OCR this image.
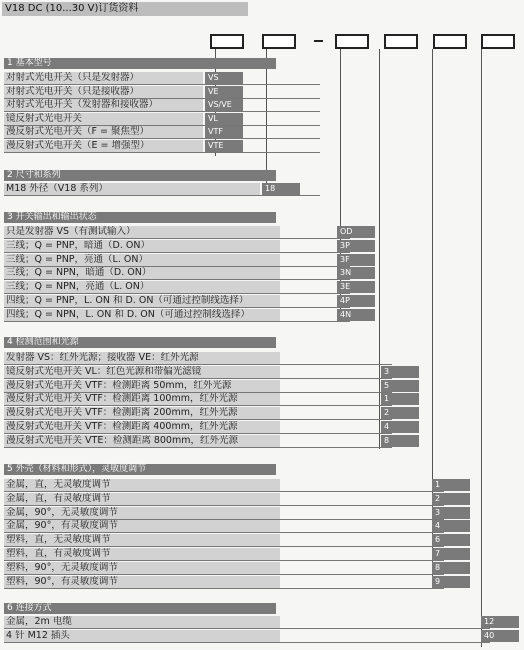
V18 DC (10...30 V)订货资料
1 基本型号
对射式光电开关（只是发射器）	VS
对射式光电开关（只是接收器）	VE
对射式光电开关（发射器和接收器）	VS/VE
镜反射式光电开关	VL
漫反射式光电开关（F = 聚焦型）	VTF
漫反射式光电开关（E = 增强型）	VTE
2 尺寸和系列
M18 外径（V18 系列）	18
3 开关输出和输出状态
只是发射器 VS（有测试输入）	OD
三线；Q = PNP，暗通（D. ON）	3P
三线；Q = PNP，亮通（L. ON）	3F
三线；Q = NPN，暗通（D. ON）	3N
三线；Q = NPN，亮通（L. ON）	3E
四线；Q = PNP，L. ON 和 D. ON（可通过控制线选择）	4P
四线；Q = NPN，L. ON 和 D. ON（可通过控制线选择）	4N
4 检测范围和光源
发射器 VS：红外光源；接收器 VE：红外光源
镜反射式光电开关 VL：红色光源和带偏光滤镜	3
漫反射式光电开关 VTF：检测距离 50mm，红外光源	5
漫反射式光电开关 VTF：检测距离 100mm，红外光源	1
漫反射式光电开关 VTF：检测距离 200mm，红外光源	2
漫反射式光电开关 VTF：检测距离 400mm，红外光源	4
漫反射式光电开关 VTE：检测距离 800mm，红外光源	8
5 外壳（材料和形式），灵敏度调节
金属，直，无灵敏度调节	1
金属，直，有灵敏度调节	2
金属，90°，无灵敏度调节	3
金属，90°，有灵敏度调节	4
塑料，直，无灵敏度调节	6
塑料，直，有灵敏度调节	7
塑料，90°，无灵敏度调节	8
塑料，90°，有灵敏度调节	9
6 连接方式
金属，2m 电缆	12
4 针 M12 插头	40
